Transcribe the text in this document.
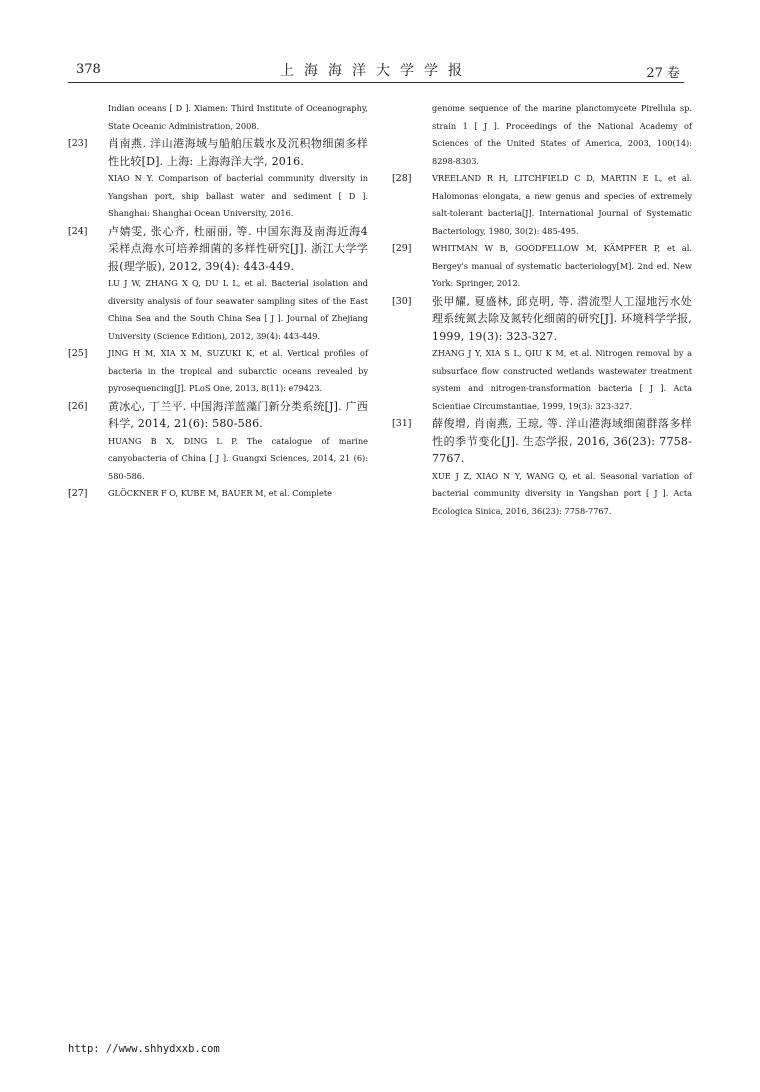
378	上海海洋大学学报	27 卷
Indian oceans [ D ]. Xiamen: Third Institute of Oceanography, State Oceanic Administration, 2008.
[23] 肖南燕. 洋山港海域与船舶压载水及沉积物细菌多样性比较[D]. 上海: 上海海洋大学, 2016.
XIAO N Y. Comparison of bacterial community diversity in Yangshan port, ship ballast water and sediment [ D ]. Shanghai: Shanghai Ocean University, 2016.
[24] 卢婧雯, 张心齐, 杜丽丽, 等. 中国东海及南海近海4采样点海水可培养细菌的多样性研究[J]. 浙江大学学报(理学版), 2012, 39(4): 443-449.
LU J W, ZHANG X Q, DU L L, et al. Bacterial isolation and diversity analysis of four seawater sampling sites of the East China Sea and the South China Sea [ J ]. Journal of Zhejiang University (Science Edition), 2012, 39(4): 443-449.
[25] JING H M, XIA X M, SUZUKI K, et al. Vertical profiles of bacteria in the tropical and subarctic oceans revealed by pyrosequencing[J]. PLoS One, 2013, 8(11): e79423.
[26] 黄冰心, 丁兰平. 中国海洋蓝藻门新分类系统[J]. 广西科学, 2014, 21(6): 580-586.
HUANG B X, DING L P. The catalogue of marine canyobacteria of China [ J ]. Guangxi Sciences, 2014, 21 (6): 580-586.
[27] GLÖCKNER F O, KUBE M, BAUER M, et al. Complete
genome sequence of the marine planctomycete Pirellula sp. strain 1 [ J ]. Proceedings of the National Academy of Sciences of the United States of America, 2003, 100(14): 8298-8303.
[28] VREELAND R H, LITCHFIELD C D, MARTIN E L, et al. Halomonas elongata, a new genus and species of extremely salt-tolerant bacteria[J]. International Journal of Systematic Bacteriology, 1980, 30(2): 485-495.
[29] WHITMAN W B, GOODFELLOW M, KÄMPFER P, et al. Bergey's manual of systematic bacteriology[M]. 2nd ed. New York: Springer, 2012.
[30] 张甲耀, 夏盛林, 邱克明, 等. 潜流型人工湿地污水处理系统氮去除及氮转化细菌的研究[J]. 环境科学学报, 1999, 19(3): 323-327.
ZHANG J Y, XIA S L, QIU K M, et al. Nitrogen removal by a subsurface flow constructed wetlands wastewater treatment system and nitrogen-transformation bacteria [ J ]. Acta Scientiae Circumstantiae, 1999, 19(3): 323-327.
[31] 薛俊增, 肖南燕, 王琼, 等. 洋山港海域细菌群落多样性的季节变化[J]. 生态学报, 2016, 36(23): 7758-7767.
XUE J Z, XIAO N Y, WANG Q, et al. Seasonal variation of bacterial community diversity in Yangshan port [ J ]. Acta Ecologica Sinica, 2016, 36(23): 7758-7767.
http: //www.shhydxxb.com
